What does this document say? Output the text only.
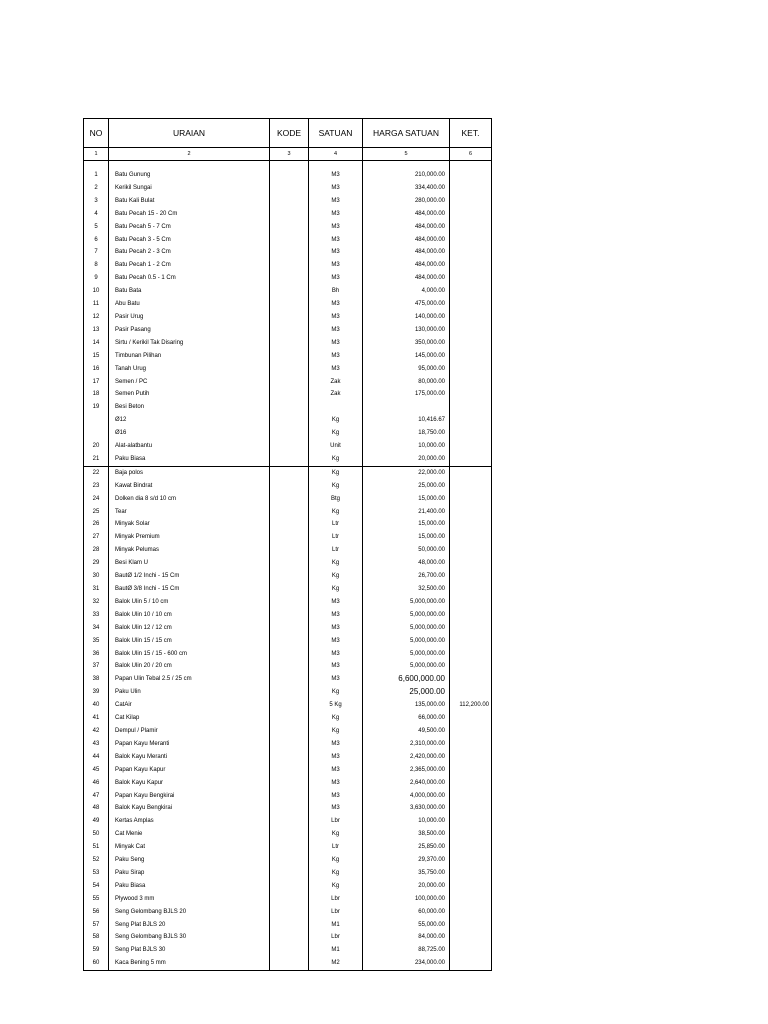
NO	URAIAN	KODE	SATUAN	HARGA SATUAN	KET.
1	2	3	4	5	6

1	Batu Gunung		M3	210,000.00	
2	Kerikil Sungai		M3	334,400.00	
3	Batu Kali Bulat		M3	280,000.00	
4	Batu Pecah 15 - 20 Cm		M3	484,000.00	
5	Batu Pecah 5 - 7 Cm		M3	484,000.00	
6	Batu Pecah 3 - 5 Cm		M3	484,000.00	
7	Batu Pecah 2 - 3 Cm		M3	484,000.00	
8	Batu Pecah 1 - 2 Cm		M3	484,000.00	
9	Batu Pecah 0.5 - 1 Cm		M3	484,000.00	
10	Batu Bata		Bh	4,000.00	
11	Abu Batu		M3	475,000.00	
12	Pasir Urug		M3	140,000.00	
13	Pasir Pasang		M3	130,000.00	
14	Sirtu / Kerikil Tak Disaring		M3	350,000.00	
15	Timbunan Pilihan		M3	145,000.00	
16	Tanah Urug		M3	95,000.00	
17	Semen / PC		Zak	80,000.00	
18	Semen Putih		Zak	175,000.00	
19	Besi Beton				
	Ø12		Kg	10,416.67	
	Ø16		Kg	18,750.00	
20	Alat-alatbantu		Unit	10,000.00	
21	Paku Biasa		Kg	20,000.00	
22	Baja polos		Kg	22,000.00	
23	Kawat Bindrat		Kg	25,000.00	
24	Dolken dia 8 s/d 10 cm		Btg	15,000.00	
25	Tear		Kg	21,400.00	
26	Minyak Solar		Ltr	15,000.00	
27	Minyak Premium		Ltr	15,000.00	
28	Minyak Pelumas		Ltr	50,000.00	
29	Besi Klam U		Kg	48,000.00	
30	BautØ 1/2 Inchi - 15 Cm		Kg	26,700.00	
31	BautØ 3/8 Inchi - 15 Cm		Kg	32,500.00	
32	Balok Ulin 5 / 10 cm		M3	5,000,000.00	
33	Balok Ulin 10 / 10 cm		M3	5,000,000.00	
34	Balok Ulin 12 / 12 cm		M3	5,000,000.00	
35	Balok Ulin 15 / 15 cm		M3	5,000,000.00	
36	Balok Ulin 15 / 15 - 600 cm		M3	5,000,000.00	
37	Balok Ulin 20 / 20 cm		M3	5,000,000.00	
38	Papan Ulin Tebal 2.5 / 25 cm		M3	6,600,000.00	
39	Paku Ulin		Kg	25,000.00	
40	CatAir		5 Kg	135,000.00	112,200.00
41	Cat Kilap		Kg	66,000.00	
42	Dempul / Plamir		Kg	49,500.00	
43	Papan Kayu Meranti		M3	2,310,000.00	
44	Balok Kayu Meranti		M3	2,420,000.00	
45	Papan Kayu Kapur		M3	2,365,000.00	
46	Balok Kayu Kapur		M3	2,640,000.00	
47	Papan Kayu Bengkirai		M3	4,000,000.00	
48	Balok Kayu Bengkirai		M3	3,630,000.00	
49	Kertas Amplas		Lbr	10,000.00	
50	Cat Menie		Kg	38,500.00	
51	Minyak Cat		Ltr	25,850.00	
52	Paku Seng		Kg	29,370.00	
53	Paku Sirap		Kg	35,750.00	
54	Paku Biasa		Kg	20,000.00	
55	Plywood 3 mm		Lbr	100,000.00	
56	Seng Gelombang BJLS 20		Lbr	60,000.00	
57	Seng Plat BJLS 20		M1	55,000.00	
58	Seng Gelombang BJLS 30		Lbr	84,000.00	
59	Seng Plat BJLS 30		M1	88,725.00	
60	Kaca Bening 5 mm		M2	234,000.00	
